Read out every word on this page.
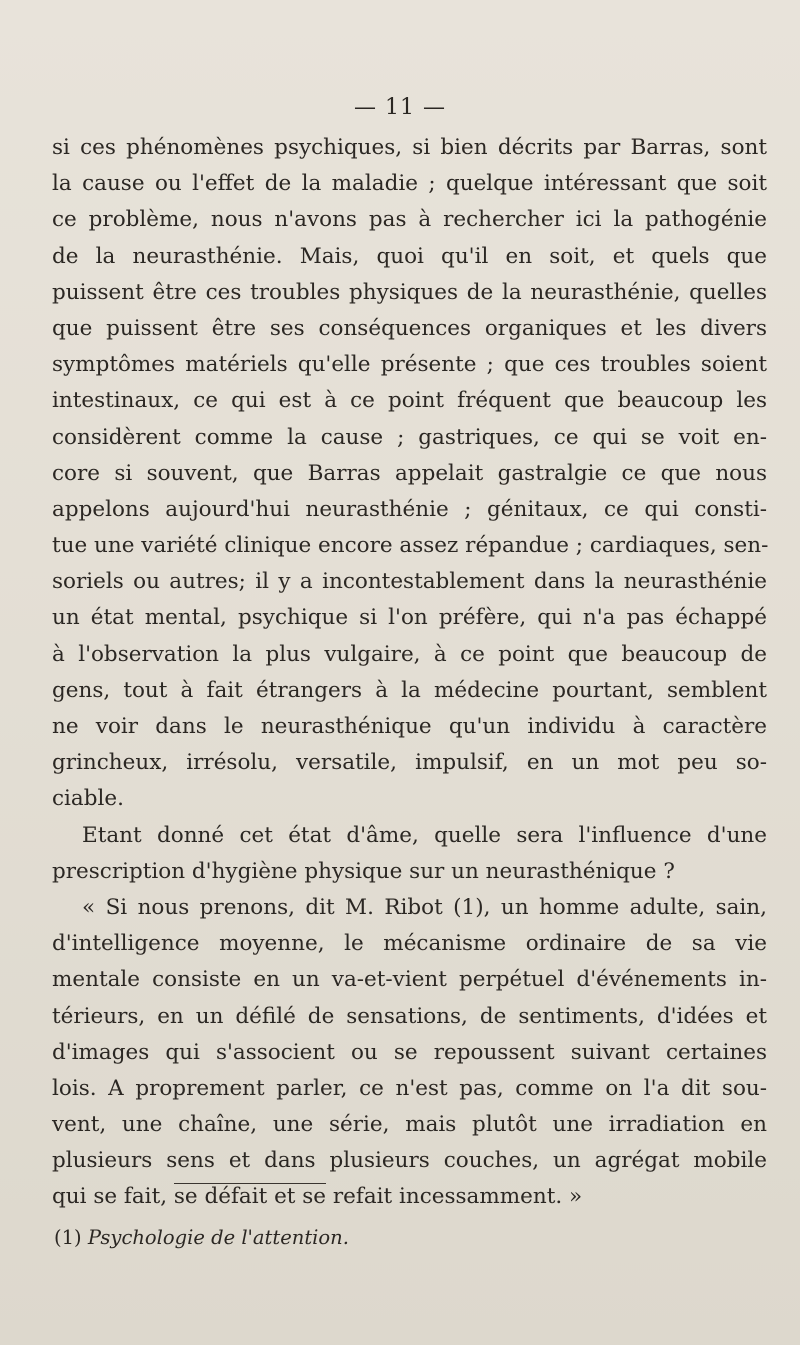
— 11 —
si ces phénomènes psychiques, si bien décrits par Barras, sont
la cause ou l'effet de la maladie ; quelque intéressant que soit
ce problème, nous n'avons pas à rechercher ici la pathogénie
de la neurasthénie. Mais, quoi qu'il en soit, et quels que
puissent être ces troubles physiques de la neurasthénie, quelles
que puissent être ses conséquences organiques et les divers
symptômes matériels qu'elle présente ; que ces troubles soient
intestinaux, ce qui est à ce point fréquent que beaucoup les
considèrent comme la cause ; gastriques, ce qui se voit en-
core si souvent, que Barras appelait gastralgie ce que nous
appelons aujourd'hui neurasthénie ; génitaux, ce qui consti-
tue une variété clinique encore assez répandue ; cardiaques, sen-
soriels ou autres; il y a incontestablement dans la neurasthénie
un état mental, psychique si l'on préfère, qui n'a pas échappé
à l'observation la plus vulgaire, à ce point que beaucoup de
gens, tout à fait étrangers à la médecine pourtant, semblent
ne voir dans le neurasthénique qu'un individu à caractère
grincheux, irrésolu, versatile, impulsif, en un mot peu so-
ciable.
Etant donné cet état d'âme, quelle sera l'influence d'une
prescription d'hygiène physique sur un neurasthénique ?
« Si nous prenons, dit M. Ribot (1), un homme adulte, sain,
d'intelligence moyenne, le mécanisme ordinaire de sa vie
mentale consiste en un va-et-vient perpétuel d'événements in-
térieurs, en un défilé de sensations, de sentiments, d'idées et
d'images qui s'associent ou se repoussent suivant certaines
lois. A proprement parler, ce n'est pas, comme on l'a dit sou-
vent, une chaîne, une série, mais plutôt une irradiation en
plusieurs sens et dans plusieurs couches, un agrégat mobile
qui se fait, se défait et se refait incessamment. »
(1) Psychologie de l'attention.
